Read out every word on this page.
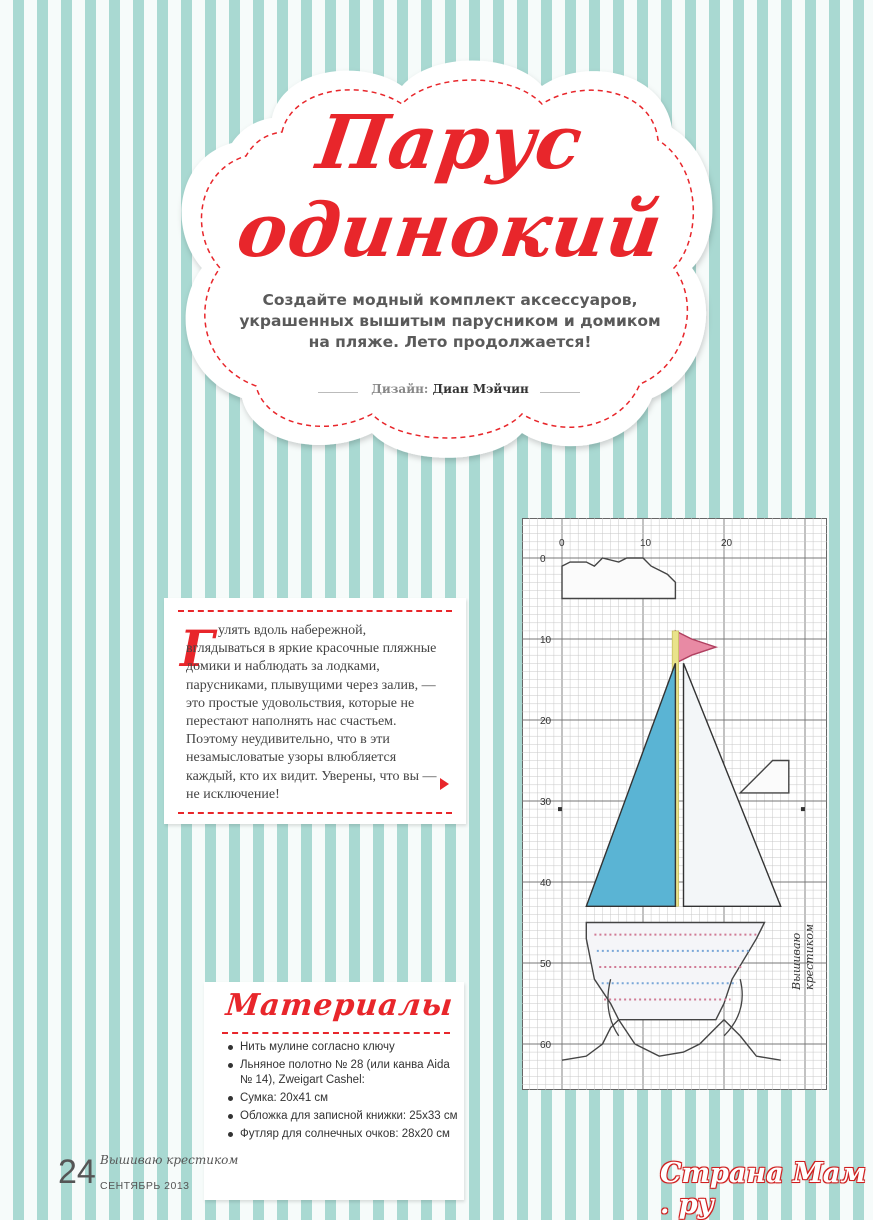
Парус
одинокий
Создайте модный комплект аксессуаров, украшенных вышитым парусником и домиком на пляже. Лето продолжается!
Дизайн: Диан Мэйчин
Г улять вдоль набережной, вглядываться в яркие красочные пляжные домики и наблюдать за лодками, парусниками, плывущими через залив, — это простые удовольствия, которые не перестают наполнять нас счастьем. Поэтому неудивительно, что в эти незамысловатые узоры влюбляется каждый, кто их видит. Уверены, что вы — не исключение!
0	10	20
0
10
20
30
40
50
60
Вышиваю крестиком
Материалы
Нить мулине согласно ключу
Льняное полотно № 28 (или канва Aida № 14), Zweigart Cashel:
Сумка: 20x41 см
Обложка для записной книжки: 25x33 см
Футляр для солнечных очков: 28x20 см
24 Вышиваю крестиком
СЕНТЯБРЬ 2013	Страна Мам . ру
